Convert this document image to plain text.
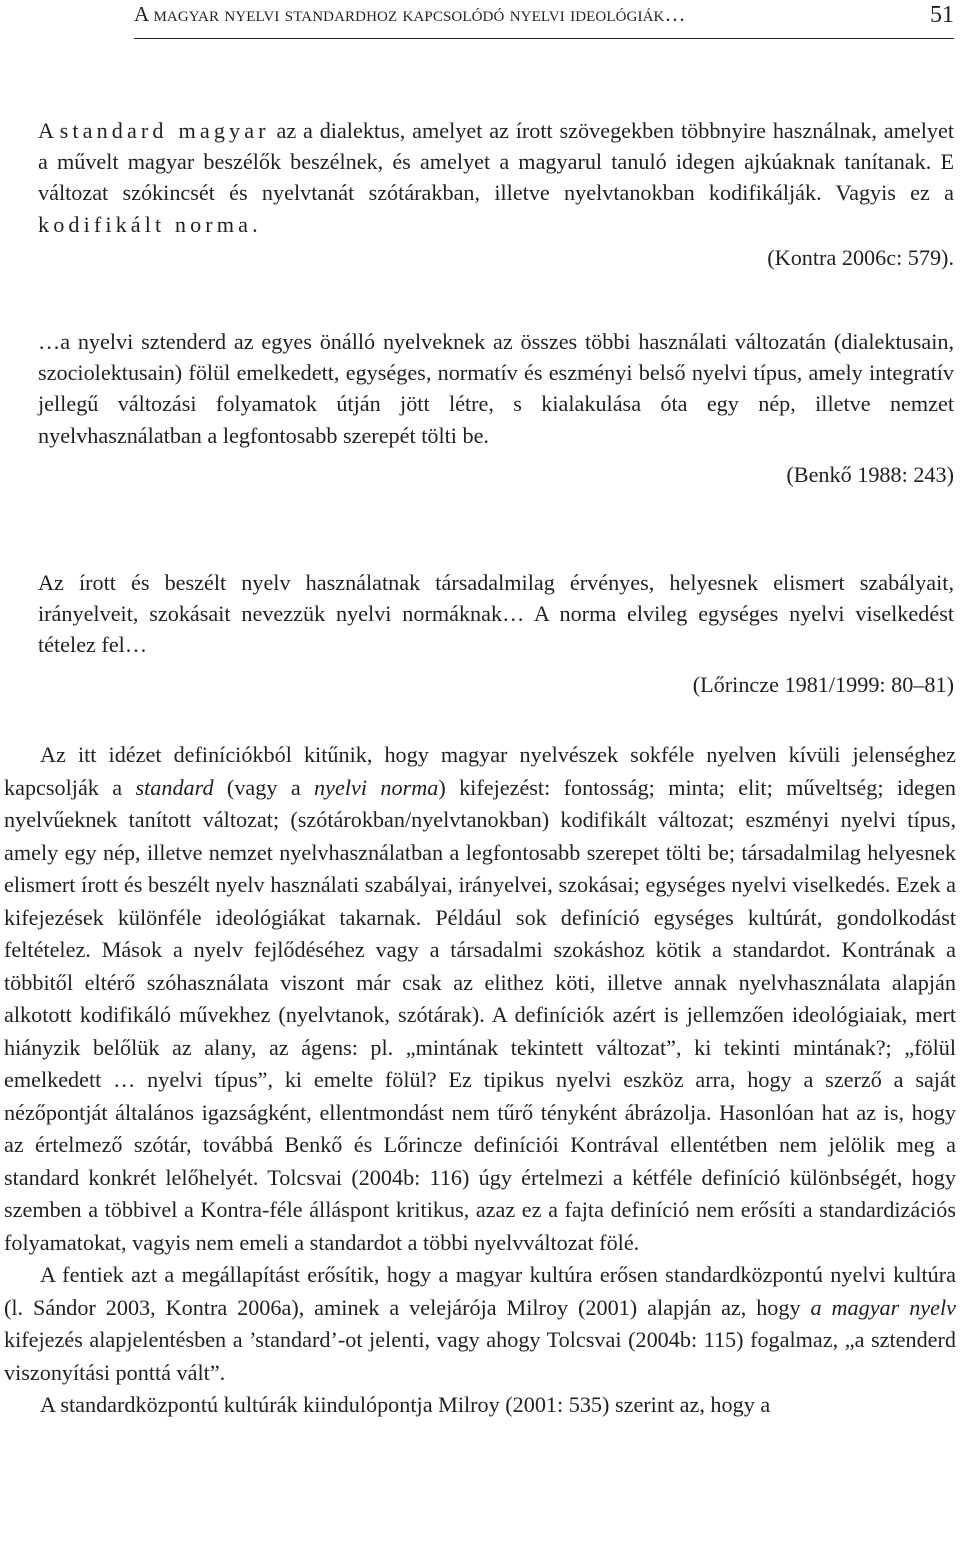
A magyar nyelvi standardhoz kapcsolódó nyelvi ideológiák…	51

A standard magyar az a dialektus, amelyet az írott szövegekben többnyire használnak, amelyet a művelt magyar beszélők beszélnek, és amelyet a magyarul tanuló idegen ajkúaknak tanítanak. E változat szókincsét és nyelvtanát szótárakban, illetve nyelvtanokban kodifikálják. Vagyis ez a kodifikált norma.

(Kontra 2006c: 579).

…a nyelvi sztenderd az egyes önálló nyelveknek az összes többi használati változatán (dialektusain, szociolektusain) fölül emelkedett, egységes, normatív és eszményi belső nyelvi típus, amely integratív jellegű változási folyamatok útján jött létre, s kialakulása óta egy nép, illetve nemzet nyelvhasználatban a legfontosabb szerepét tölti be.

(Benkő 1988: 243)

Az írott és beszélt nyelv használatnak társadalmilag érvényes, helyesnek elismert szabályait, irányelveit, szokásait nevezzük nyelvi normáknak… A norma elvileg egységes nyelvi viselkedést tételez fel…

(Lőrincze 1981/1999: 80–81)

Az itt idézet definíciókból kitűnik, hogy magyar nyelvészek sokféle nyelven kívüli jelenséghez kapcsolják a standard (vagy a nyelvi norma) kifejezést: fontosság; minta; elit; műveltség; idegen nyelvűeknek tanított változat; (szótárokban/nyelvtanokban) kodifikált változat; eszményi nyelvi típus, amely egy nép, illetve nemzet nyelvhasználatban a legfontosabb szerepet tölti be; társadalmilag helyesnek elismert írott és beszélt nyelv használati szabályai, irányelvei, szokásai; egységes nyelvi viselkedés. Ezek a kifejezések különféle ideológiákat takarnak. Például sok definíció egységes kultúrát, gondolkodást feltételez. Mások a nyelv fejlődéséhez vagy a társadalmi szokáshoz kötik a standardot. Kontrának a többitől eltérő szóhasználata viszont már csak az elithez köti, illetve annak nyelvhasználata alapján alkotott kodifikáló művekhez (nyelvtanok, szótárak). A definíciók azért is jellemzően ideológiaiak, mert hiányzik belőlük az alany, az ágens: pl. „mintának tekintett változat”, ki tekinti mintának?; „fölül emelkedett … nyelvi típus”, ki emelte fölül? Ez tipikus nyelvi eszköz arra, hogy a szerző a saját nézőpontját általános igazságként, ellentmondást nem tűrő tényként ábrázolja. Hasonlóan hat az is, hogy az értelmező szótár, továbbá Benkő és Lőrincze definíciói Kontrával ellentétben nem jelölik meg a standard konkrét lelőhelyét. Tolcsvai (2004b: 116) úgy értelmezi a kétféle definíció különbségét, hogy szemben a többivel a Kontra-féle álláspont kritikus, azaz ez a fajta definíció nem erősíti a standardizációs folyamatokat, vagyis nem emeli a standardot a többi nyelvváltozat fölé.

A fentiek azt a megállapítást erősítik, hogy a magyar kultúra erősen standardközpontú nyelvi kultúra (l. Sándor 2003, Kontra 2006a), aminek a velejárója Milroy (2001) alapján az, hogy a magyar nyelv kifejezés alapjelentésben a ’standard’-ot jelenti, vagy ahogy Tolcsvai (2004b: 115) fogalmaz, „a sztenderd viszonyítási ponttá vált”.

A standardközpontú kultúrák kiindulópontja Milroy (2001: 535) szerint az, hogy a
